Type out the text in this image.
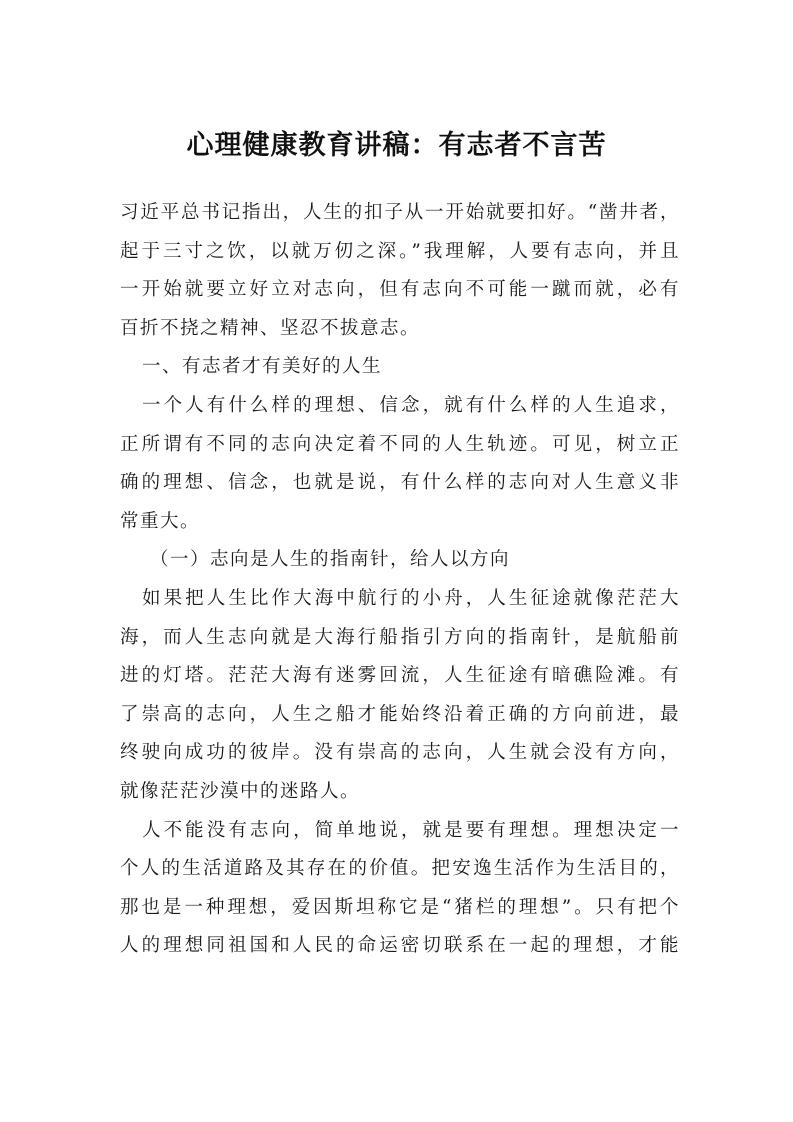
心理健康教育讲稿：有志者不言苦
习近平总书记指出，人生的扣子从一开始就要扣好。“凿井者，
起于三寸之饮，以就万仞之深。”我理解，人要有志向，并且
一开始就要立好立对志向，但有志向不可能一蹴而就，必有
百折不挠之精神、坚忍不拔意志。
一、有志者才有美好的人生
一个人有什么样的理想、信念，就有什么样的人生追求，
正所谓有不同的志向决定着不同的人生轨迹。可见，树立正
确的理想、信念，也就是说，有什么样的志向对人生意义非
常重大。
（一）志向是人生的指南针，给人以方向
如果把人生比作大海中航行的小舟，人生征途就像茫茫大
海，而人生志向就是大海行船指引方向的指南针，是航船前
进的灯塔。茫茫大海有迷雾回流，人生征途有暗礁险滩。有
了崇高的志向，人生之船才能始终沿着正确的方向前进，最
终驶向成功的彼岸。没有崇高的志向，人生就会没有方向，
就像茫茫沙漠中的迷路人。
人不能没有志向，简单地说，就是要有理想。理想决定一
个人的生活道路及其存在的价值。把安逸生活作为生活目的，
那也是一种理想，爱因斯坦称它是“猪栏的理想”。只有把个
人的理想同祖国和人民的命运密切联系在一起的理想，才能
